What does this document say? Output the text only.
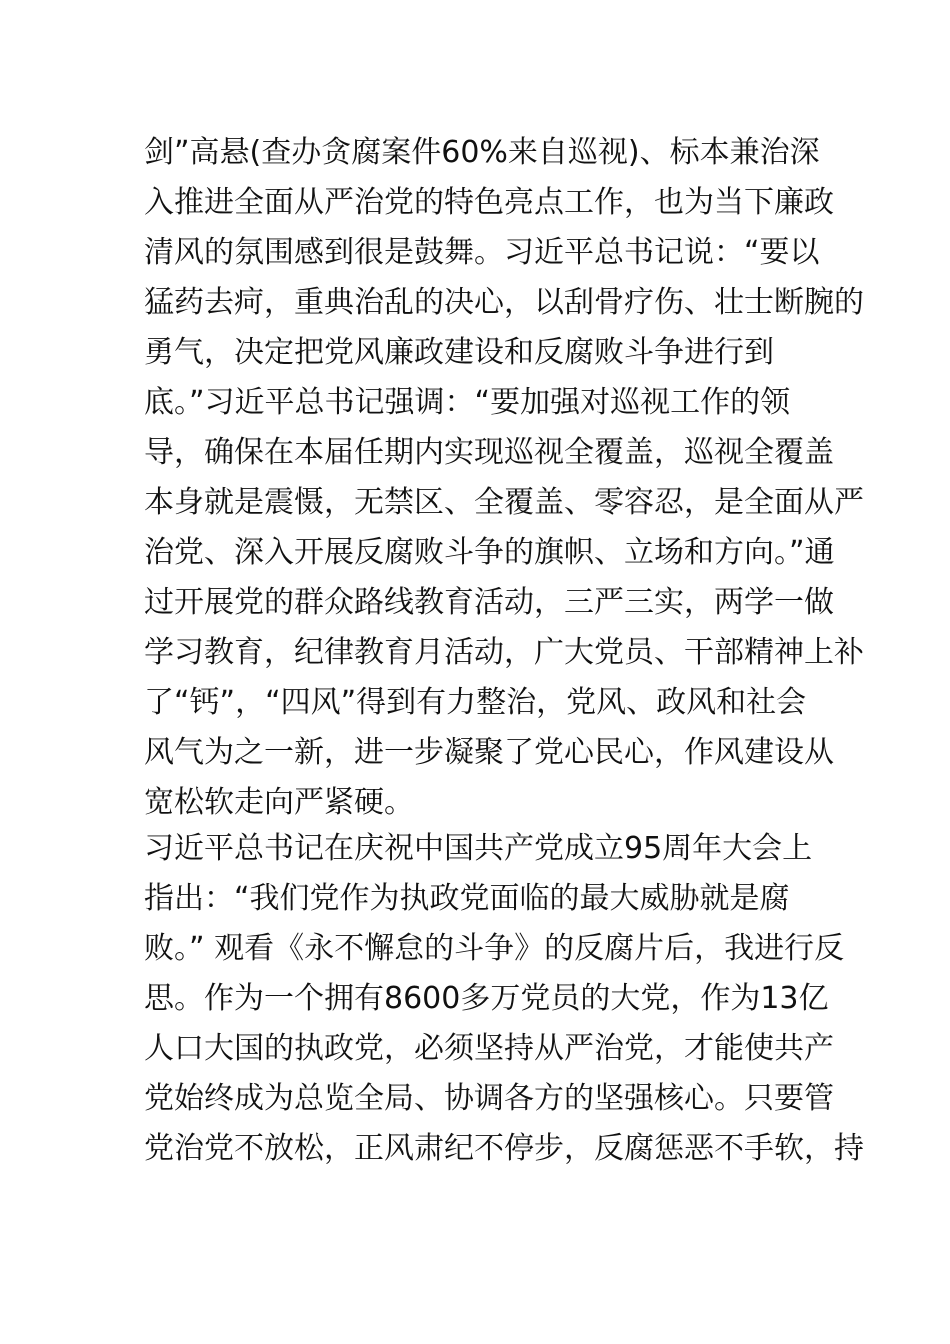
剑”高悬(查办贪腐案件60%来自巡视)、标本兼治深
入推进全面从严治党的特色亮点工作，也为当下廉政
清风的氛围感到很是鼓舞。习近平总书记说：“要以
猛药去疴，重典治乱的决心，以刮骨疗伤、壮士断腕的
勇气，决定把党风廉政建设和反腐败斗争进行到
底。”习近平总书记强调：“要加强对巡视工作的领
导，确保在本届任期内实现巡视全覆盖，巡视全覆盖
本身就是震慑，无禁区、全覆盖、零容忍，是全面从严
治党、深入开展反腐败斗争的旗帜、立场和方向。”通
过开展党的群众路线教育活动，三严三实，两学一做
学习教育，纪律教育月活动，广大党员、干部精神上补
了“钙”，“四风”得到有力整治，党风、政风和社会
风气为之一新，进一步凝聚了党心民心，作风建设从
宽松软走向严紧硬。
习近平总书记在庆祝中国共产党成立95周年大会上
指出：“我们党作为执政党面临的最大威胁就是腐
败。” 观看《永不懈怠的斗争》的反腐片后，我进行反
思。作为一个拥有8600多万党员的大党，作为13亿
人口大国的执政党，必须坚持从严治党，才能使共产
党始终成为总览全局、协调各方的坚强核心。只要管
党治党不放松，正风肃纪不停步，反腐惩恶不手软，持
